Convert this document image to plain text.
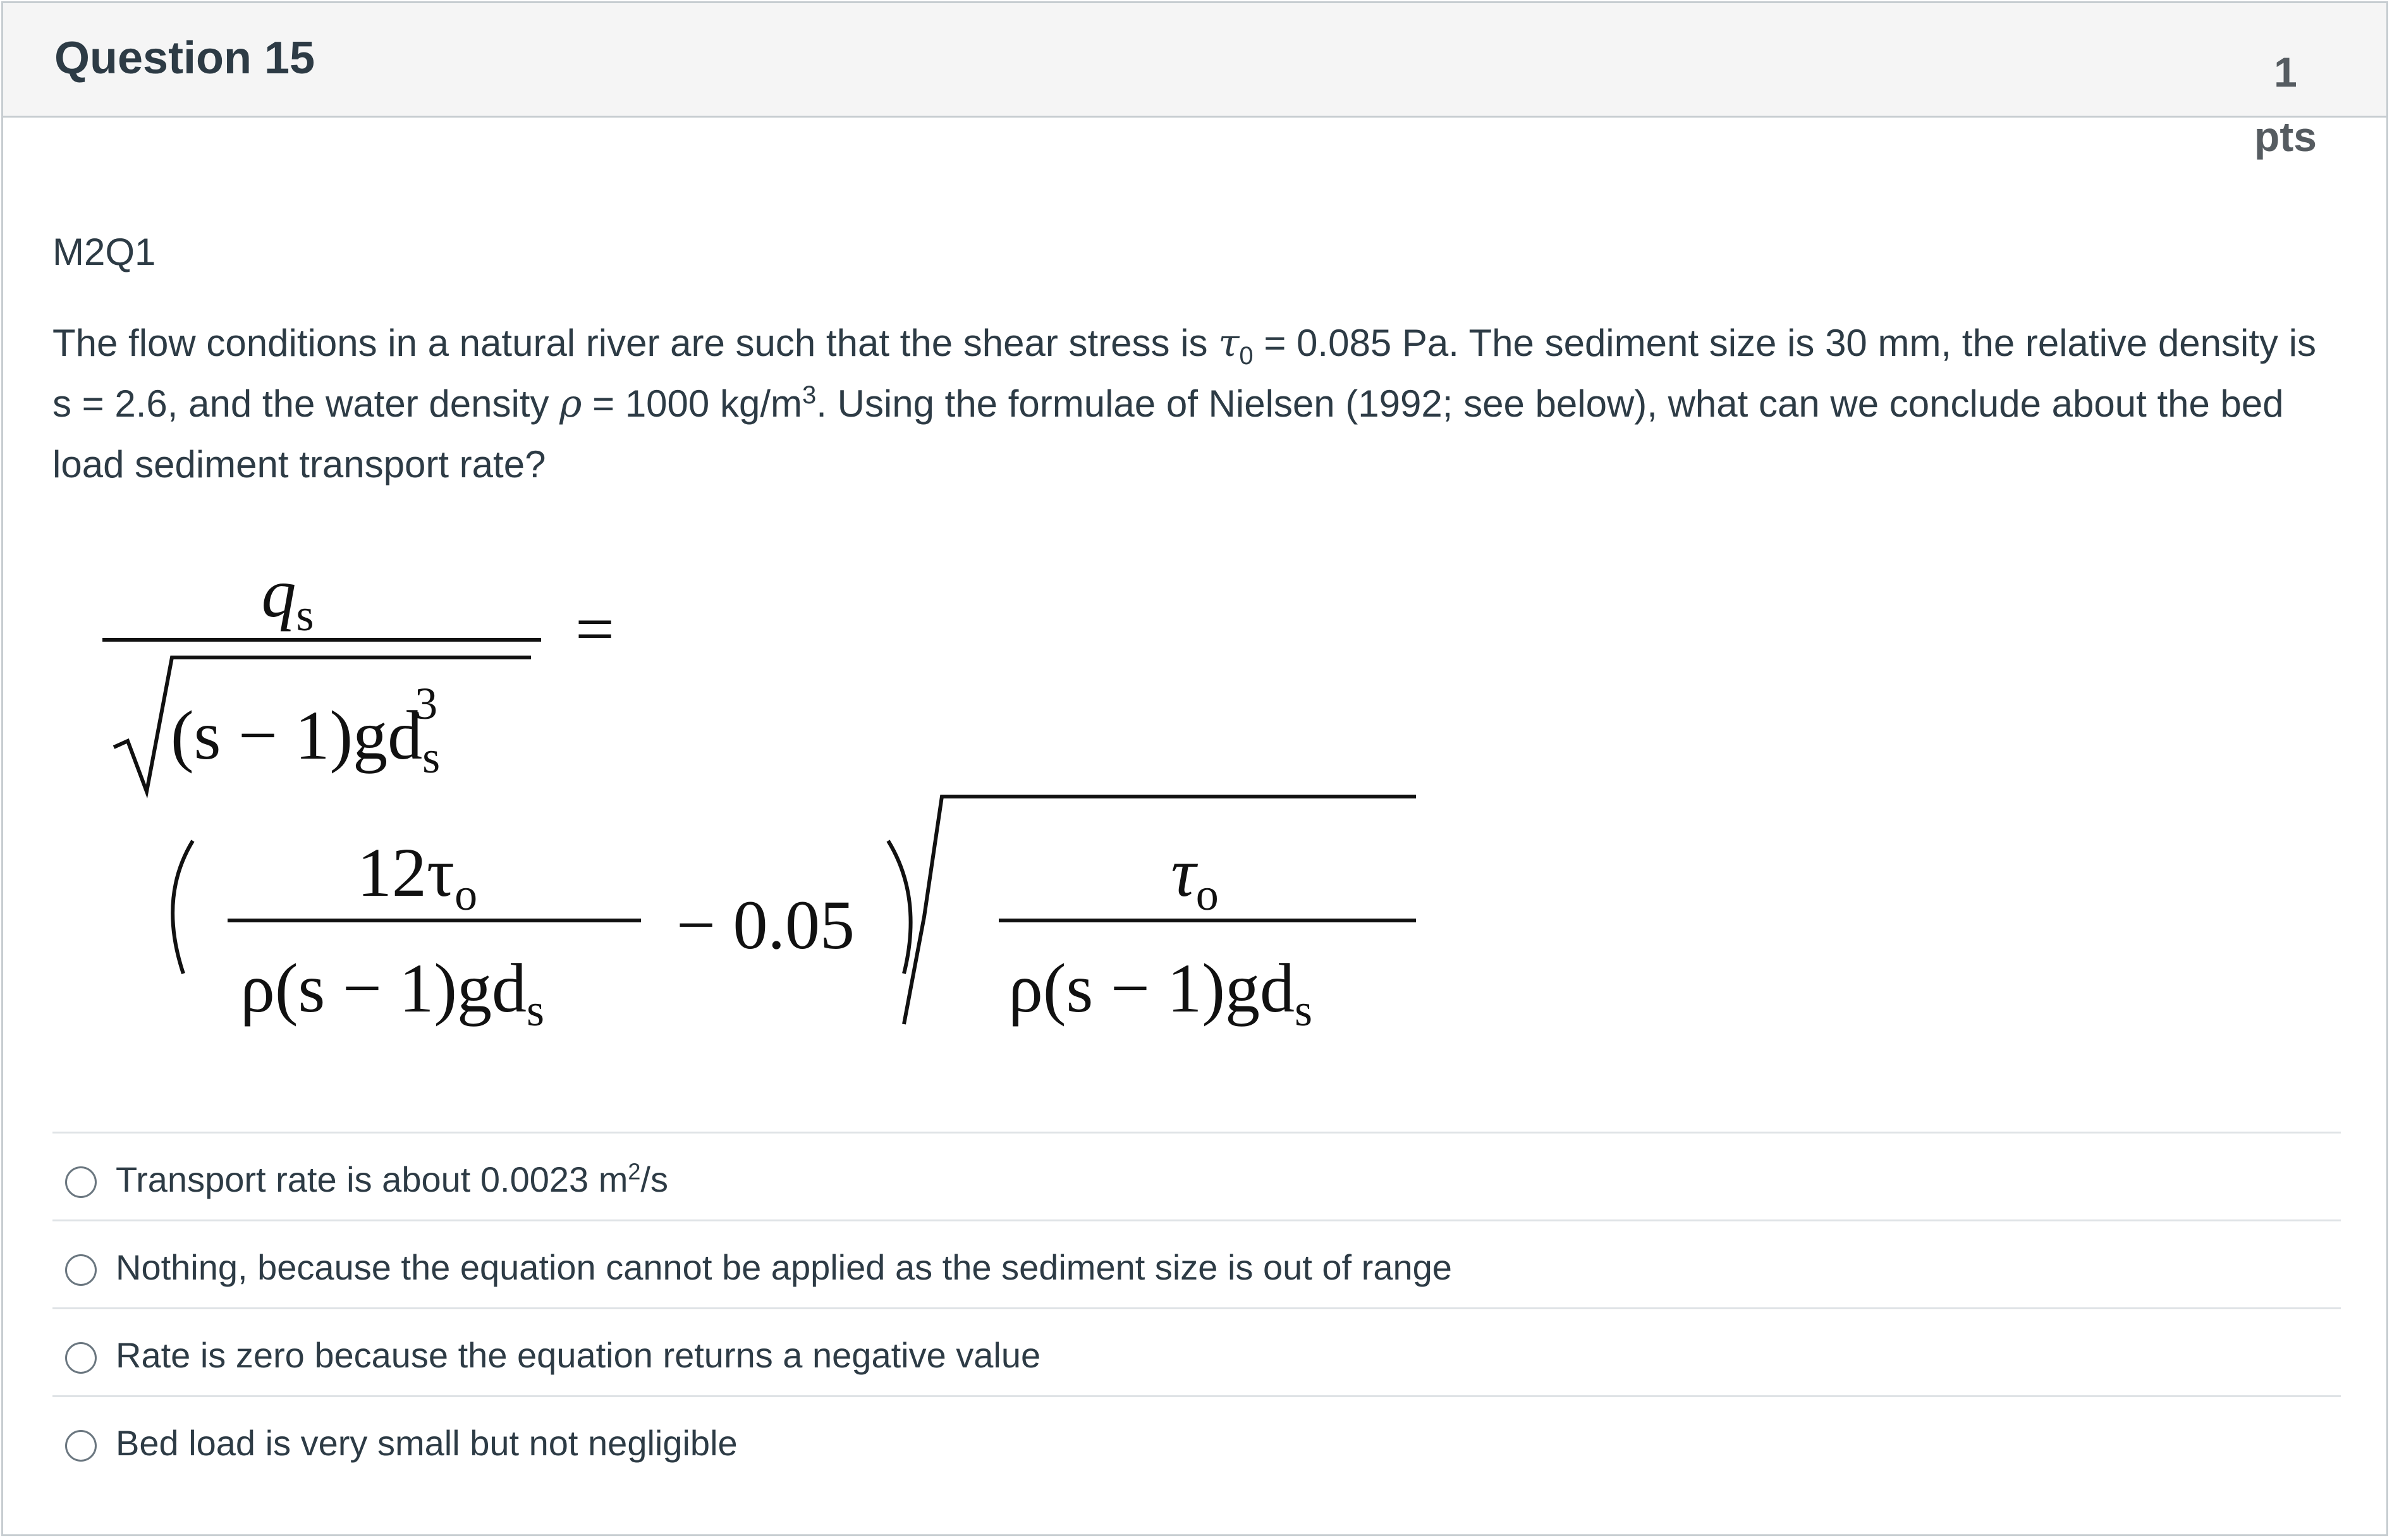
Question 15	1
pts
M2Q1
The flow conditions in a natural river are such that the shear stress is $\tau_0 = 0.085$ Pa. The sediment size is 30 mm, the relative density is s = 2.6, and the water density ρ = 1000 $kg/m^3$. Using the formulae of Nielsen (1992; see below), what can we conclude about the bed load sediment transport rate?
$q_s$	=
$(s - 1)gd_s3$
$12\tau_o$
$\rho(s - 1)gd_s$
− 0.05
$\tau_o$
$\rho(s - 1)gd_s$
Transport rate is about 0.0023 $m^2/s$
Nothing, because the equation cannot be applied as the sediment size is out of range
Rate is zero because the equation returns a negative value
Bed load is very small but not negligible
